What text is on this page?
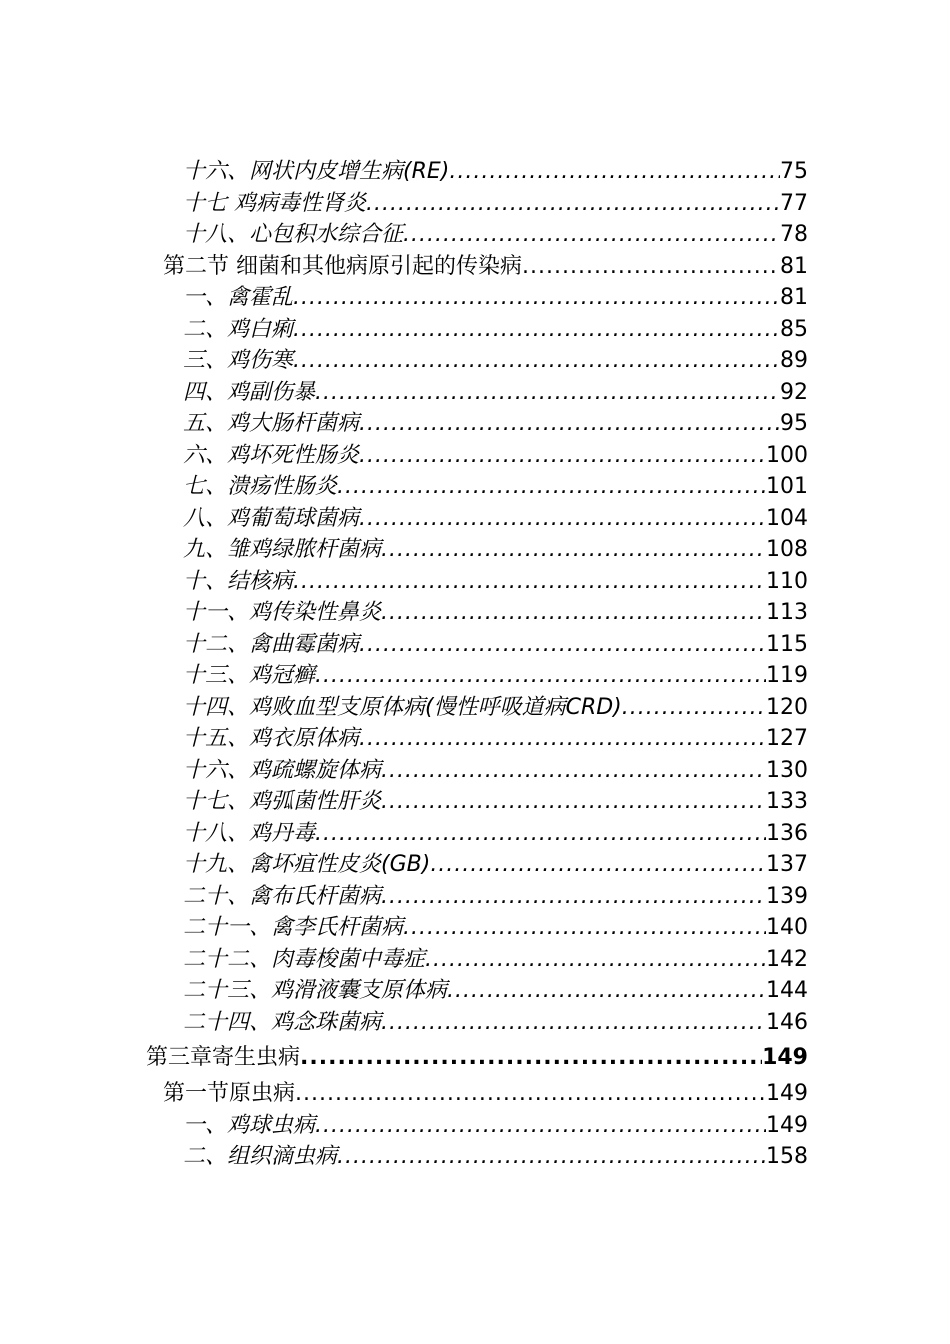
十六、网状内皮增生病(RE) .....	75
十七 鸡病毒性肾炎 .....	77
十八、心包积水综合征 .....	78
第二节 细菌和其他病原引起的传染病 .....	81
一、禽霍乱 .....	81
二、鸡白痢 .....	85
三、鸡伤寒 .....	89
四、鸡副伤暴 .....	92
五、鸡大肠杆菌病 .....	95
六、鸡坏死性肠炎 .....	100
七、溃疡性肠炎 .....	101
八、鸡葡萄球菌病 .....	104
九、雏鸡绿脓杆菌病 .....	108
十、结核病 .....	110
十一、鸡传染性鼻炎 .....	113
十二、禽曲霉菌病 .....	115
十三、鸡冠癣 .....	119
十四、鸡败血型支原体病(慢性呼吸道病CRD) .....	120
十五、鸡衣原体病 .....	127
十六、鸡疏螺旋体病 .....	130
十七、鸡弧菌性肝炎 .....	133
十八、鸡丹毒 .....	136
十九、禽坏疽性皮炎(GB) .....	137
二十、禽布氏杆菌病 .....	139
二十一、禽李氏杆菌病 .....	140
二十二、肉毒梭菌中毒症 .....	142
二十三、鸡滑液囊支原体病 .....	144
二十四、鸡念珠菌病 .....	146
第三章寄生虫病 .....	149
第一节原虫病 .....	149
一、鸡球虫病 .....	149
二、组织滴虫病 .....	158
